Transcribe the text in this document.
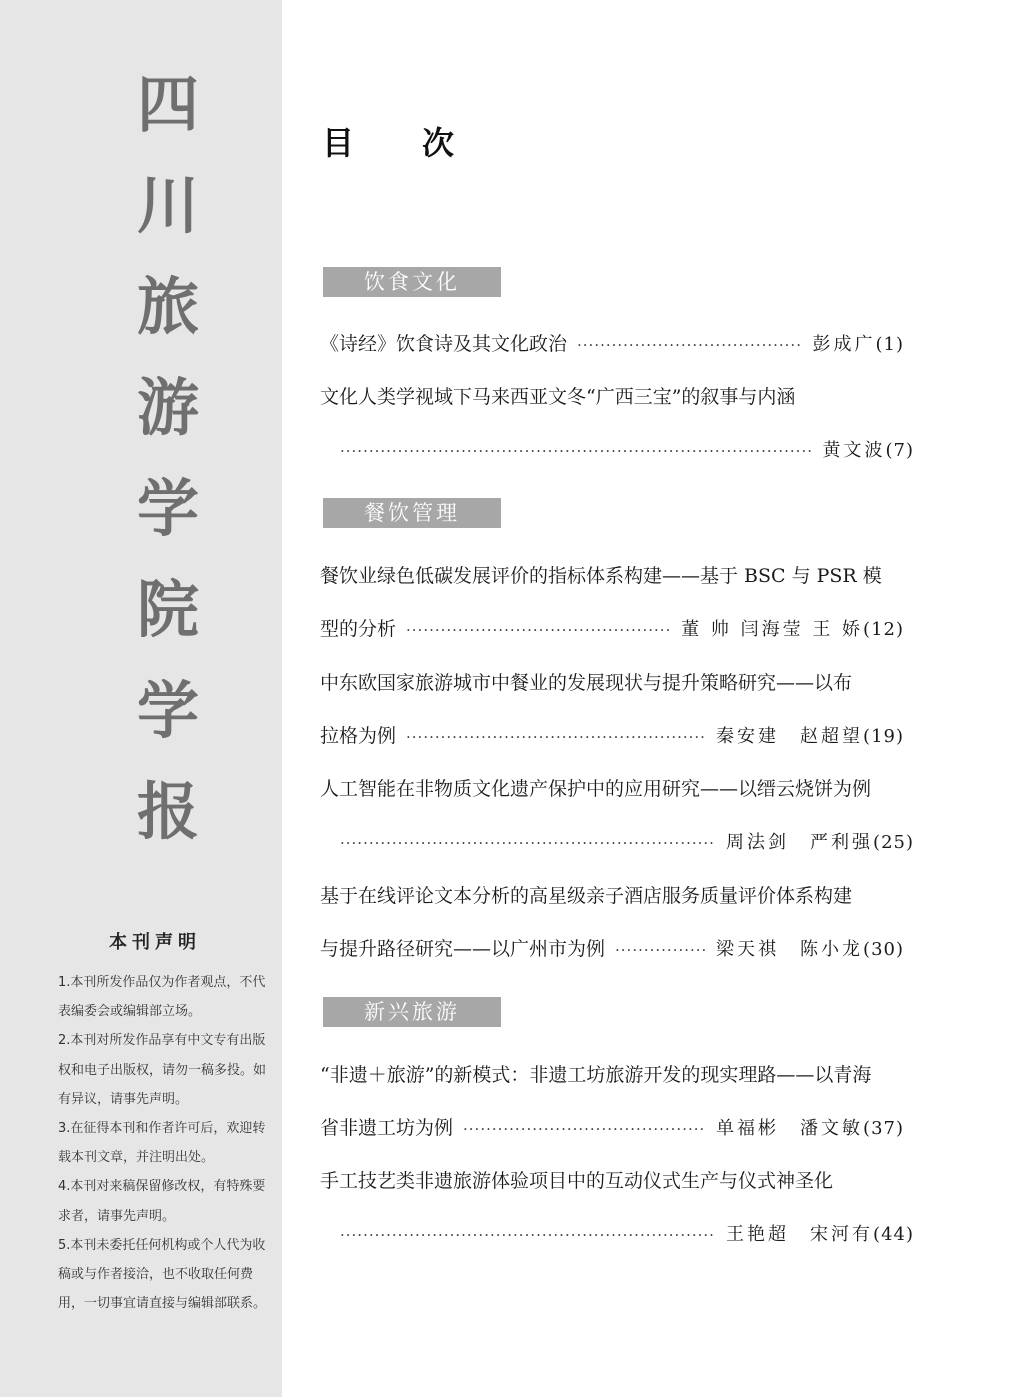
四
川
旅
游
学
院
学
报
本刊声明

1.本刊所发作品仅为作者观点，不代表编委会或编辑部立场。

2.本刊对所发作品享有中文专有出版权和电子出版权，请勿一稿多投。如有异议，请事先声明。

3.在征得本刊和作者许可后，欢迎转载本刊文章，并注明出处。

4.本刊对来稿保留修改权，有特殊要求者，请事先声明。

5.本刊未委托任何机构或个人代为收稿或与作者接洽，也不收取任何费用，一切事宜请直接与编辑部联系。

目次
饮食文化
《诗经》饮食诗及其文化政治 ·····	彭成广 (1)
文化人类学视域下马来西亚文冬“广西三宝”的叙事与内涵
·····
黄文波 (7)
餐饮管理
餐饮业绿色低碳发展评价的指标体系构建——基于 BSC 与 PSR 模
型的分析 ·····	董 帅 闫海莹 王 娇 (12)
中东欧国家旅游城市中餐业的发展现状与提升策略研究——以布
拉格为例 ·····	秦安建　赵超望 (19)
人工智能在非物质文化遗产保护中的应用研究——以缙云烧饼为例
·····
周法剑　严利强 (25)
基于在线评论文本分析的高星级亲子酒店服务质量评价体系构建
与提升路径研究——以广州市为例 ·····	梁天祺　陈小龙 (30)
新兴旅游
“非遗＋旅游”的新模式：非遗工坊旅游开发的现实理路——以青海
省非遗工坊为例 ·····	单福彬　潘文敏 (37)
手工技艺类非遗旅游体验项目中的互动仪式生产与仪式神圣化
·····
王艳超　宋河有 (44)
